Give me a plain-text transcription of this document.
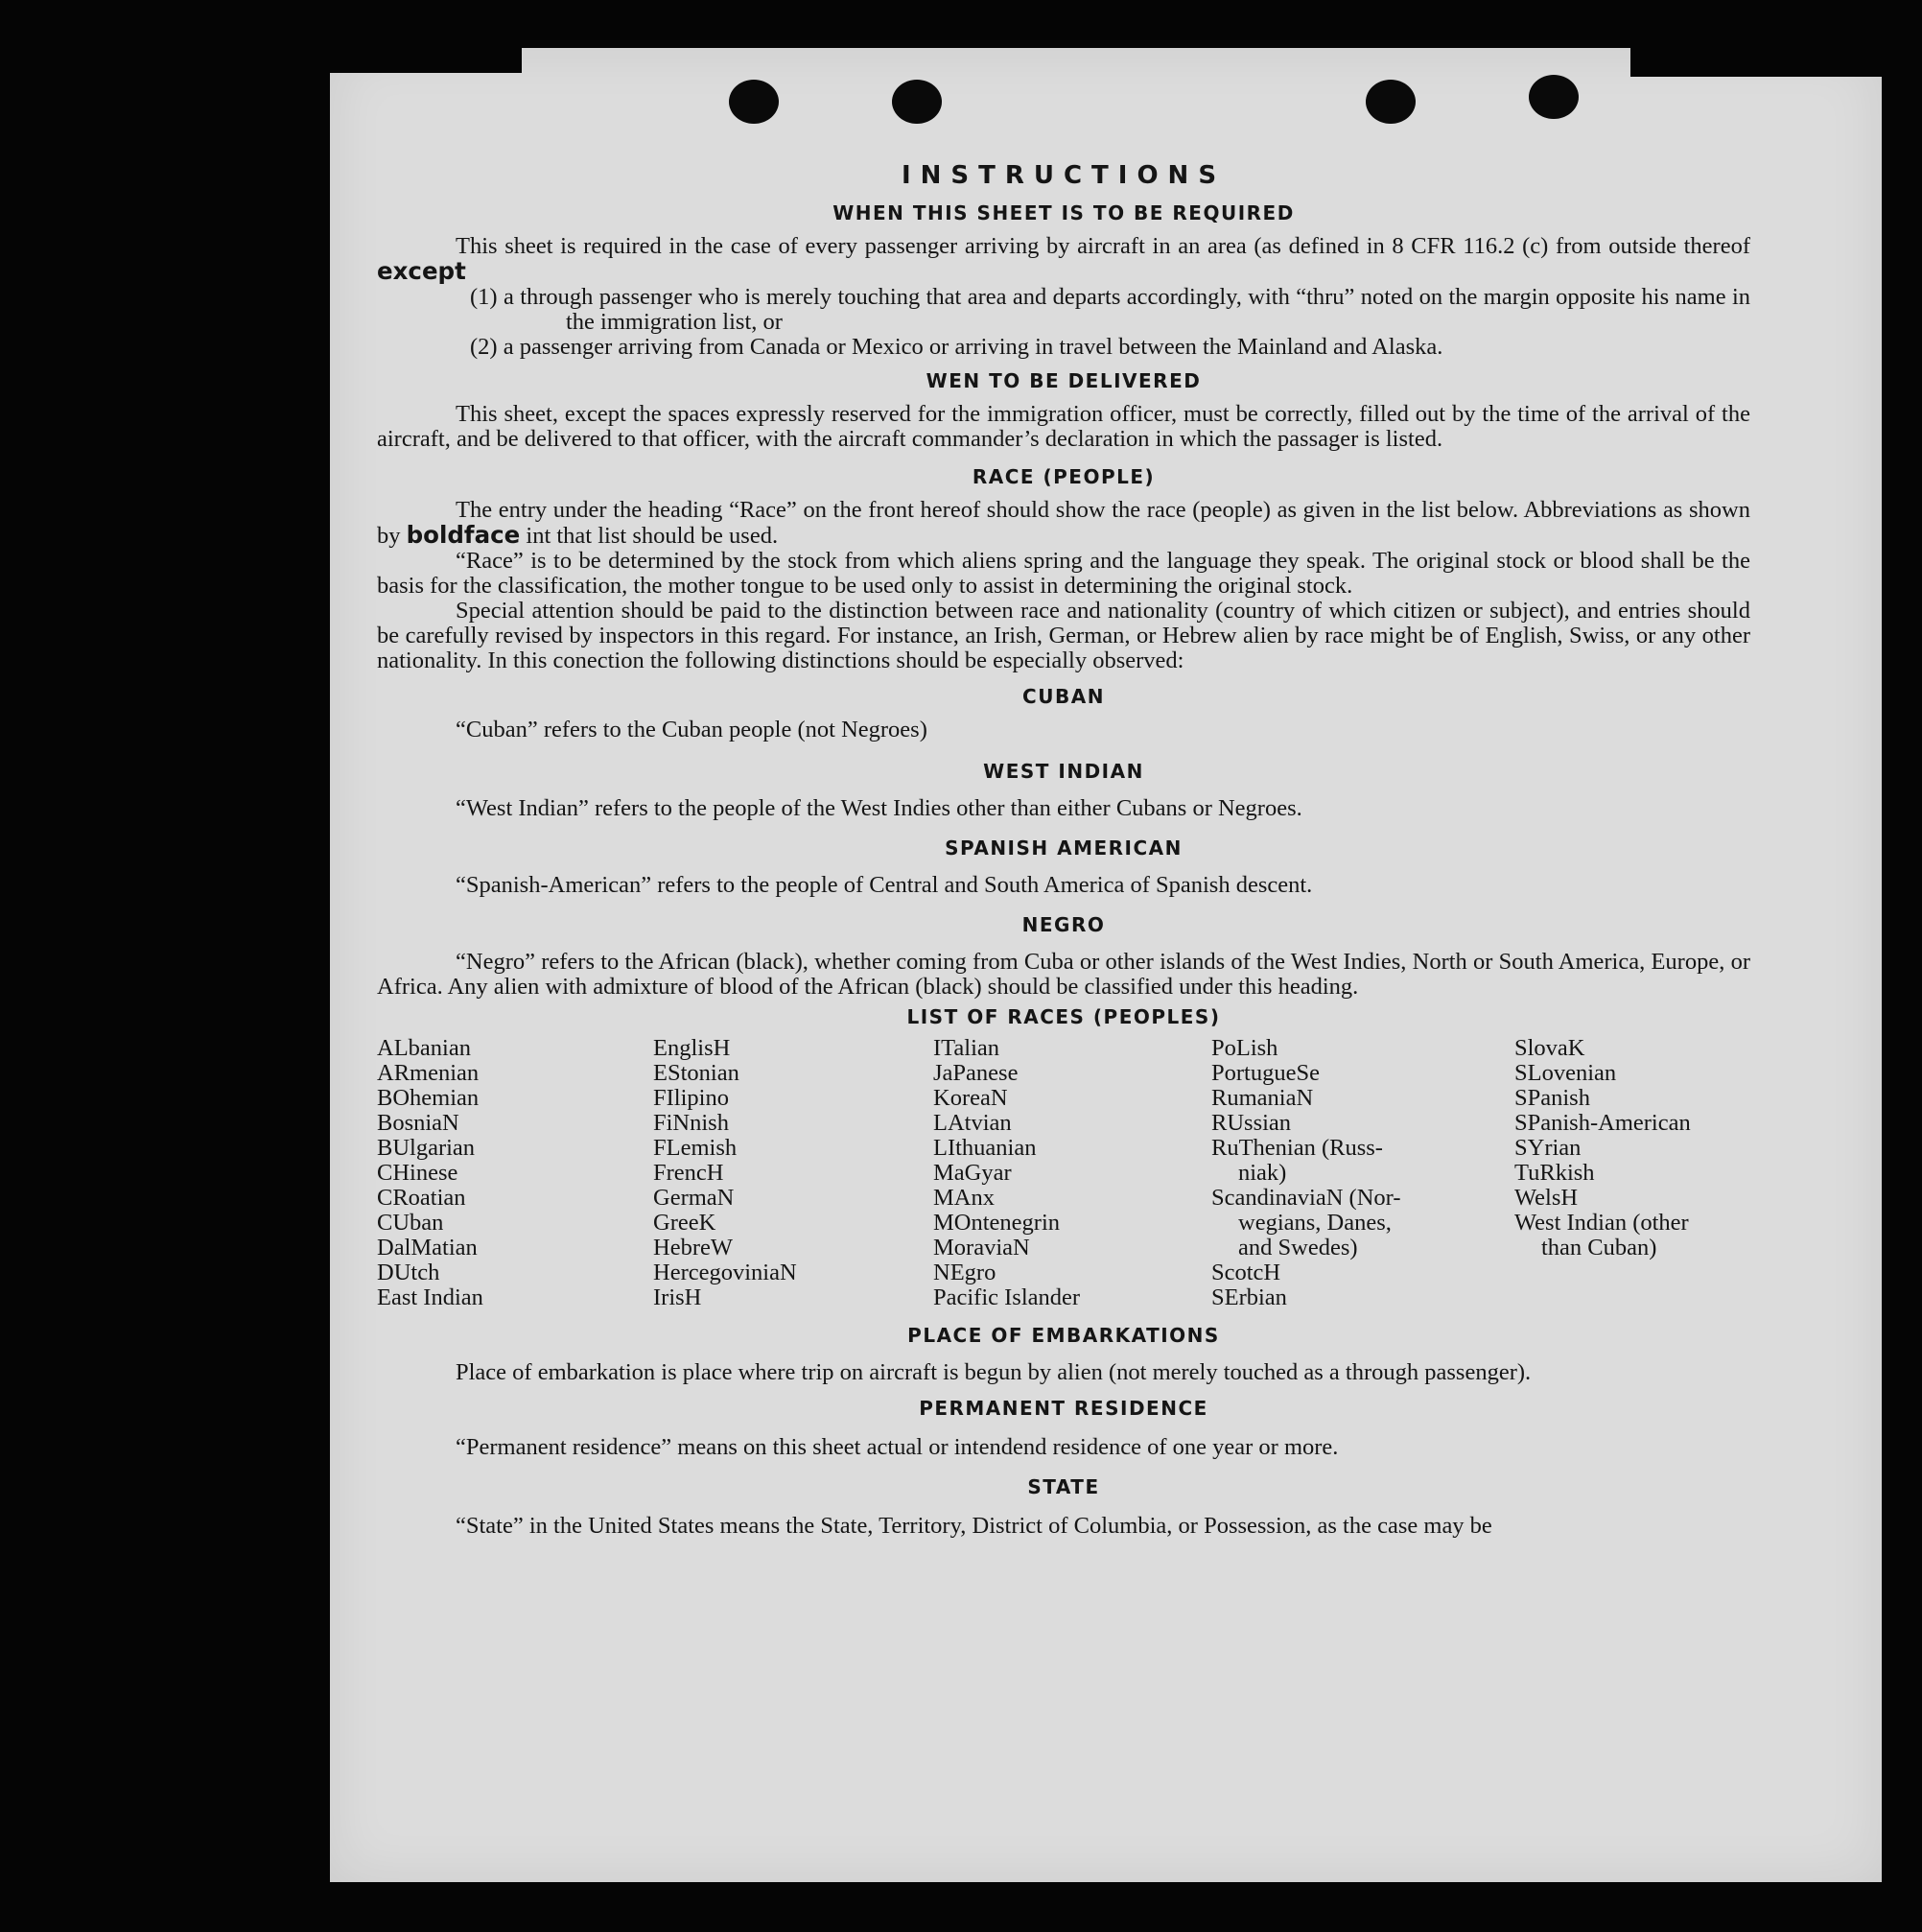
INSTRUCTIONS
WHEN THIS SHEET IS TO BE REQUIRED

This sheet is required in the case of every passenger arriving by aircraft in an area (as defined in 8 CFR 116.2 (c) from outside thereof except

(1) a through passenger who is merely touching that area and departs accordingly, with “thru” noted on the margin opposite his name in the immigration list, or
(2) a passenger arriving from Canada or Mexico or arriving in travel between the Mainland and Alaska.
WEN TO BE DELIVERED

This sheet, except the spaces expressly reserved for the immigration officer, must be correctly, filled out by the time of the arrival of the aircraft, and be delivered to that officer, with the aircraft commander’s declaration in which the passager is listed.

RACE (PEOPLE)

The entry under the heading “Race” on the front hereof should show the race (people) as given in the list below. Abbreviations as shown by boldface int that list should be used.

“Race” is to be determined by the stock from which aliens spring and the language they speak. The original stock or blood shall be the basis for the classification, the mother tongue to be used only to assist in determining the original stock.

Special attention should be paid to the distinction between race and nationality (country of which citizen or subject), and entries should be carefully revised by inspectors in this regard. For instance, an Irish, German, or Hebrew alien by race might be of English, Swiss, or any other nationality. In this conection the following distinctions should be especially observed:

CUBAN

“Cuban” refers to the Cuban people (not Negroes)

WEST INDIAN

“West Indian” refers to the people of the West Indies other than either Cubans or Negroes.

SPANISH AMERICAN

“Spanish-American” refers to the people of Central and South America of Spanish descent.

NEGRO

“Negro” refers to the African (black), whether coming from Cuba or other islands of the West Indies, North or South America, Europe, or Africa. Any alien with admixture of blood of the African (black) should be classified under this heading.

LIST OF RACES (PEOPLES)
ALbanian
ARmenian
BOhemian
BosniaN
BUlgarian
CHinese
CRoatian
CUban
DalMatian
DUtch
East Indian
EnglisH
EStonian
FIlipino
FiNnish
FLemish
FrencH
GermaN
GreeK
HebreW
HercegoviniaN
IrisH
ITalian
JaPanese
KoreaN
LAtvian
LIthuanian
MaGyar
MAnx
MOntenegrin
MoraviaN
NEgro
Pacific Islander
PoLish
PortugueSe
RumaniaN
RUssian
RuThenian (Russ-
niak)
ScandinaviaN (Nor-
wegians, Danes,
and Swedes)
ScotcH
SErbian
SlovaK
SLovenian
SPanish
SPanish-American
SYrian
TuRkish
WelsH
West Indian (other
than Cuban)
PLACE OF EMBARKATIONS

Place of embarkation is place where trip on aircraft is begun by alien (not merely touched as a through passenger).

PERMANENT RESIDENCE

“Permanent residence” means on this sheet actual or intendend residence of one year or more.

STATE

“State” in the United States means the State, Territory, District of Columbia, or Possession, as the case may be
